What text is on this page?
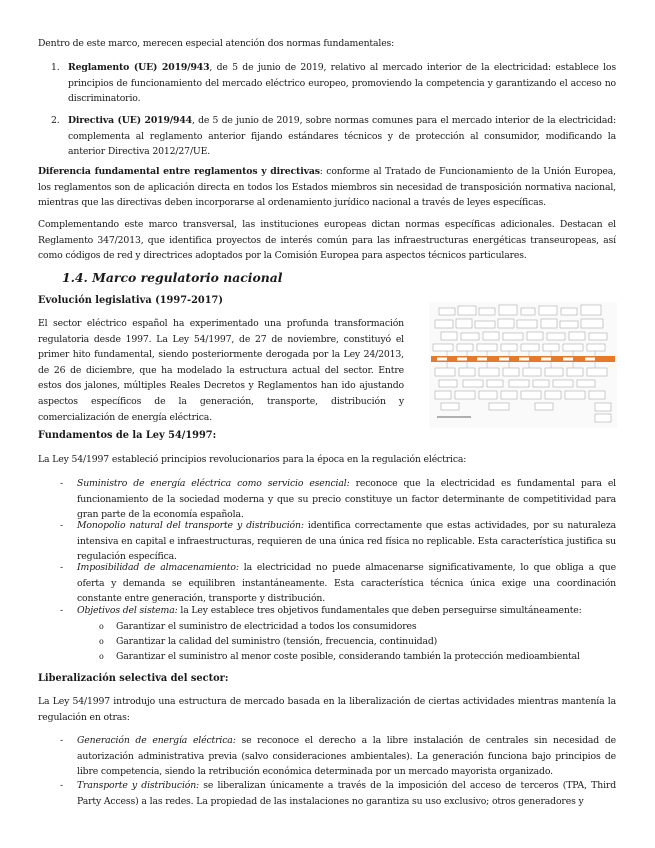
Dentro de este marco, merecen especial atención dos normas fundamentales:

1. Reglamento (UE) 2019/943, de 5 de junio de 2019, relativo al mercado interior de la electricidad: establece los principios de funcionamiento del mercado eléctrico europeo, promoviendo la competencia y garantizando el acceso no discriminatorio.
2. Directiva (UE) 2019/944, de 5 de junio de 2019, sobre normas comunes para el mercado interior de la electricidad: complementa al reglamento anterior fijando estándares técnicos y de protección al consumidor, modificando la anterior Directiva 2012/27/UE.

Diferencia fundamental entre reglamentos y directivas: conforme al Tratado de Funcionamiento de la Unión Europea, los reglamentos son de aplicación directa en todos los Estados miembros sin necesidad de transposición normativa nacional, mientras que las directivas deben incorporarse al ordenamiento jurídico nacional a través de leyes específicas.

Complementando este marco transversal, las instituciones europeas dictan normas específicas adicionales. Destacan el Reglamento 347/2013, que identifica proyectos de interés común para las infraestructuras energéticas transeuropeas, así como códigos de red y directrices adoptados por la Comisión Europea para aspectos técnicos particulares.

1.4. Marco regulatorio nacional
Evolución legislativa (1997-2017)

El sector eléctrico español ha experimentado una profunda transformación regulatoria desde 1997. La Ley 54/1997, de 27 de noviembre, constituyó el primer hito fundamental, siendo posteriormente derogada por la Ley 24/2013, de 26 de diciembre, que ha modelado la estructura actual del sector. Entre estos dos jalones, múltiples Reales Decretos y Reglamentos han ido ajustando aspectos específicos de la generación, transporte, distribución y comercialización de energía eléctrica.

Fundamentos de la Ley 54/1997:

La Ley 54/1997 estableció principios revolucionarios para la época en la regulación eléctrica:

- Suministro de energía eléctrica como servicio esencial: reconoce que la electricidad es fundamental para el funcionamiento de la sociedad moderna y que su precio constituye un factor determinante de competitividad para gran parte de la economía española.
- Monopolio natural del transporte y distribución: identifica correctamente que estas actividades, por su naturaleza intensiva en capital e infraestructuras, requieren de una única red física no replicable. Esta característica justifica su regulación específica.
- Imposibilidad de almacenamiento: la electricidad no puede almacenarse significativamente, lo que obliga a que oferta y demanda se equilibren instantáneamente. Esta característica técnica única exige una coordinación constante entre generación, transporte y distribución.
- Objetivos del sistema: la Ley establece tres objetivos fundamentales que deben perseguirse simultáneamente:
o Garantizar el suministro de electricidad a todos los consumidores
o Garantizar la calidad del suministro (tensión, frecuencia, continuidad)
o Garantizar el suministro al menor coste posible, considerando también la protección medioambiental
Liberalización selectiva del sector:

La Ley 54/1997 introdujo una estructura de mercado basada en la liberalización de ciertas actividades mientras mantenía la regulación en otras:

- Generación de energía eléctrica: se reconoce el derecho a la libre instalación de centrales sin necesidad de autorización administrativa previa (salvo consideraciones ambientales). La generación funciona bajo principios de libre competencia, siendo la retribución económica determinada por un mercado mayorista organizado.
- Transporte y distribución: se liberalizan únicamente a través de la imposición del acceso de terceros (TPA, Third Party Access) a las redes. La propiedad de las instalaciones no garantiza su uso exclusivo; otros generadores y
